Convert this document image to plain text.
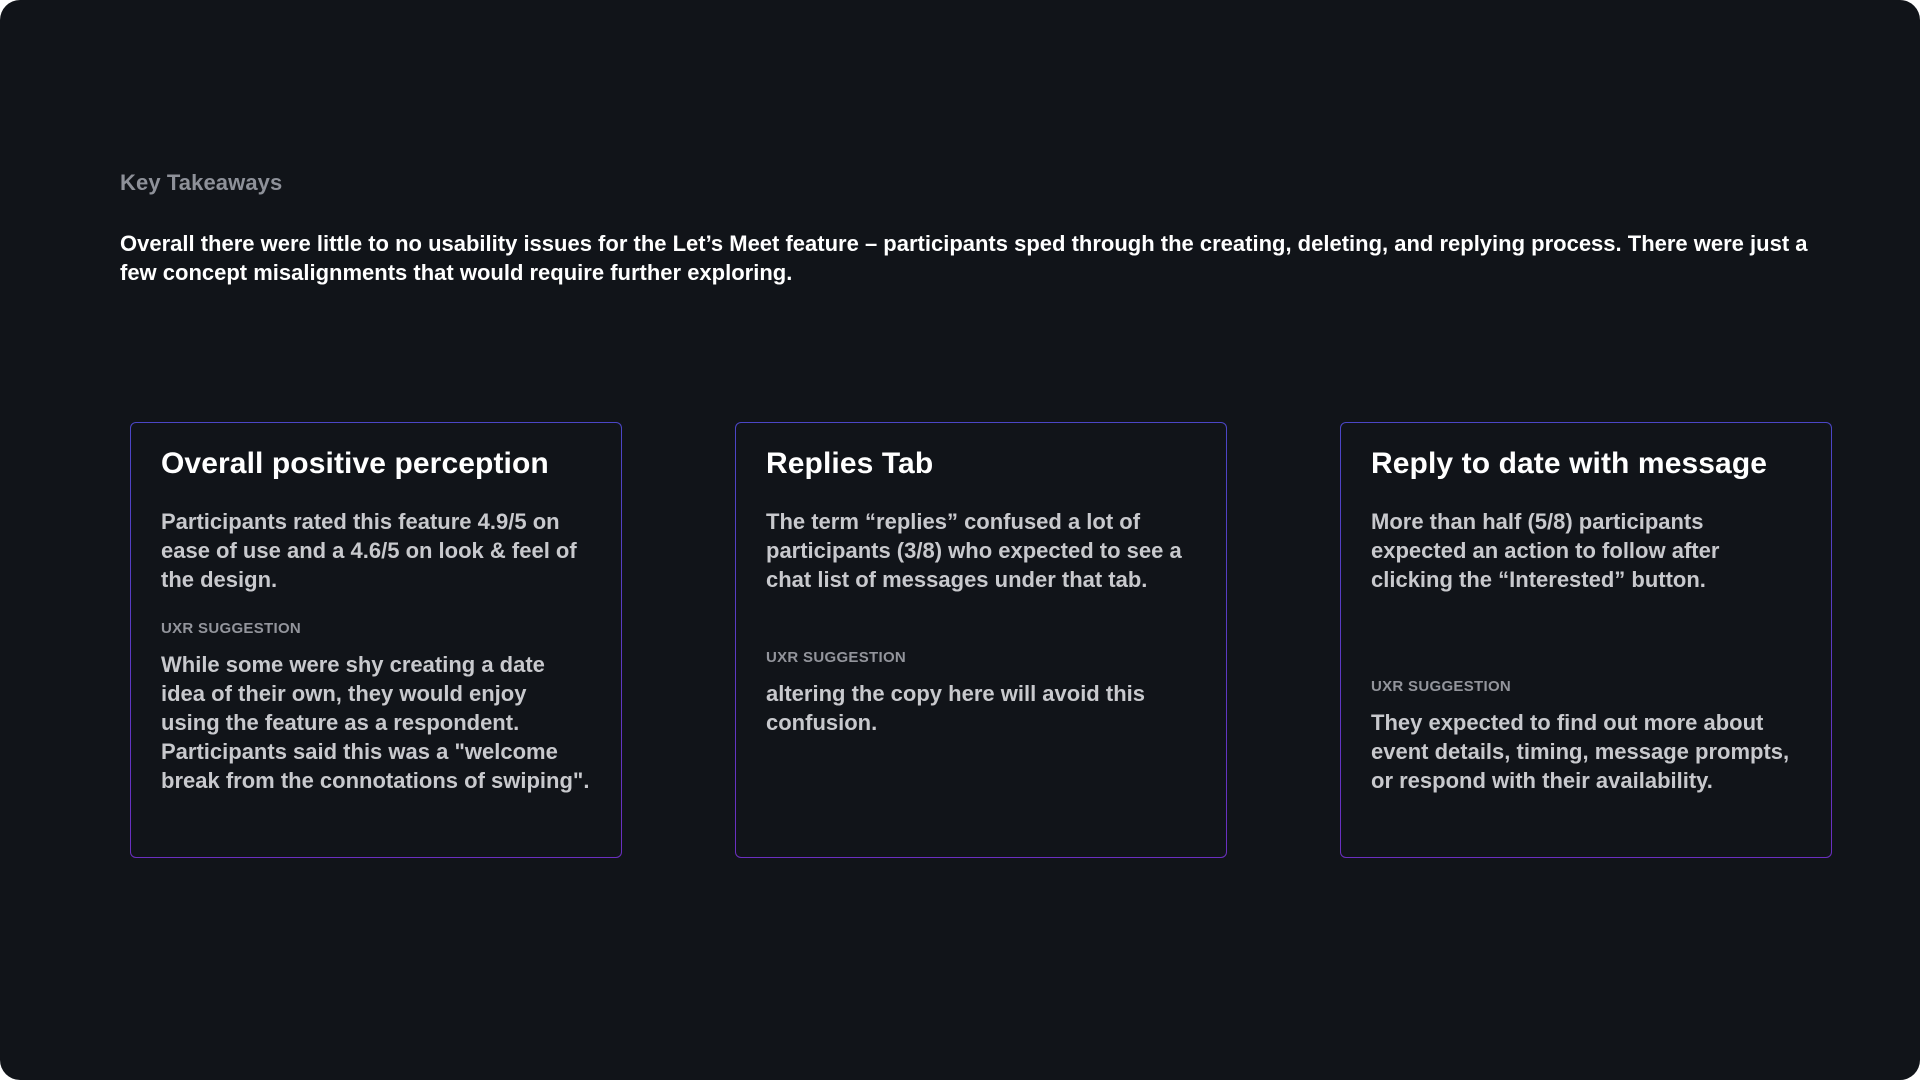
Key Takeaways
Overall there were little to no usability issues for the Let’s Meet feature – participants sped through the creating, deleting, and replying process. There were just a few concept misalignments that would require further exploring.
Overall positive perception
Participants rated this feature 4.9/5 on ease of use and a 4.6/5 on look & feel of the design.
UXR SUGGESTION
While some were shy creating a date idea of their own, they would enjoy using the feature as a respondent. Participants said this was a "welcome break from the connotations of swiping".
Replies Tab
The term “replies” confused a lot of participants (3/8) who expected to see a chat list of messages under that tab.
UXR SUGGESTION
altering the copy here will avoid this confusion.
Reply to date with message
More than half (5/8) participants expected an action to follow after clicking the “Interested” button.
UXR SUGGESTION
They expected to find out more about event details, timing, message prompts, or respond with their availability.
